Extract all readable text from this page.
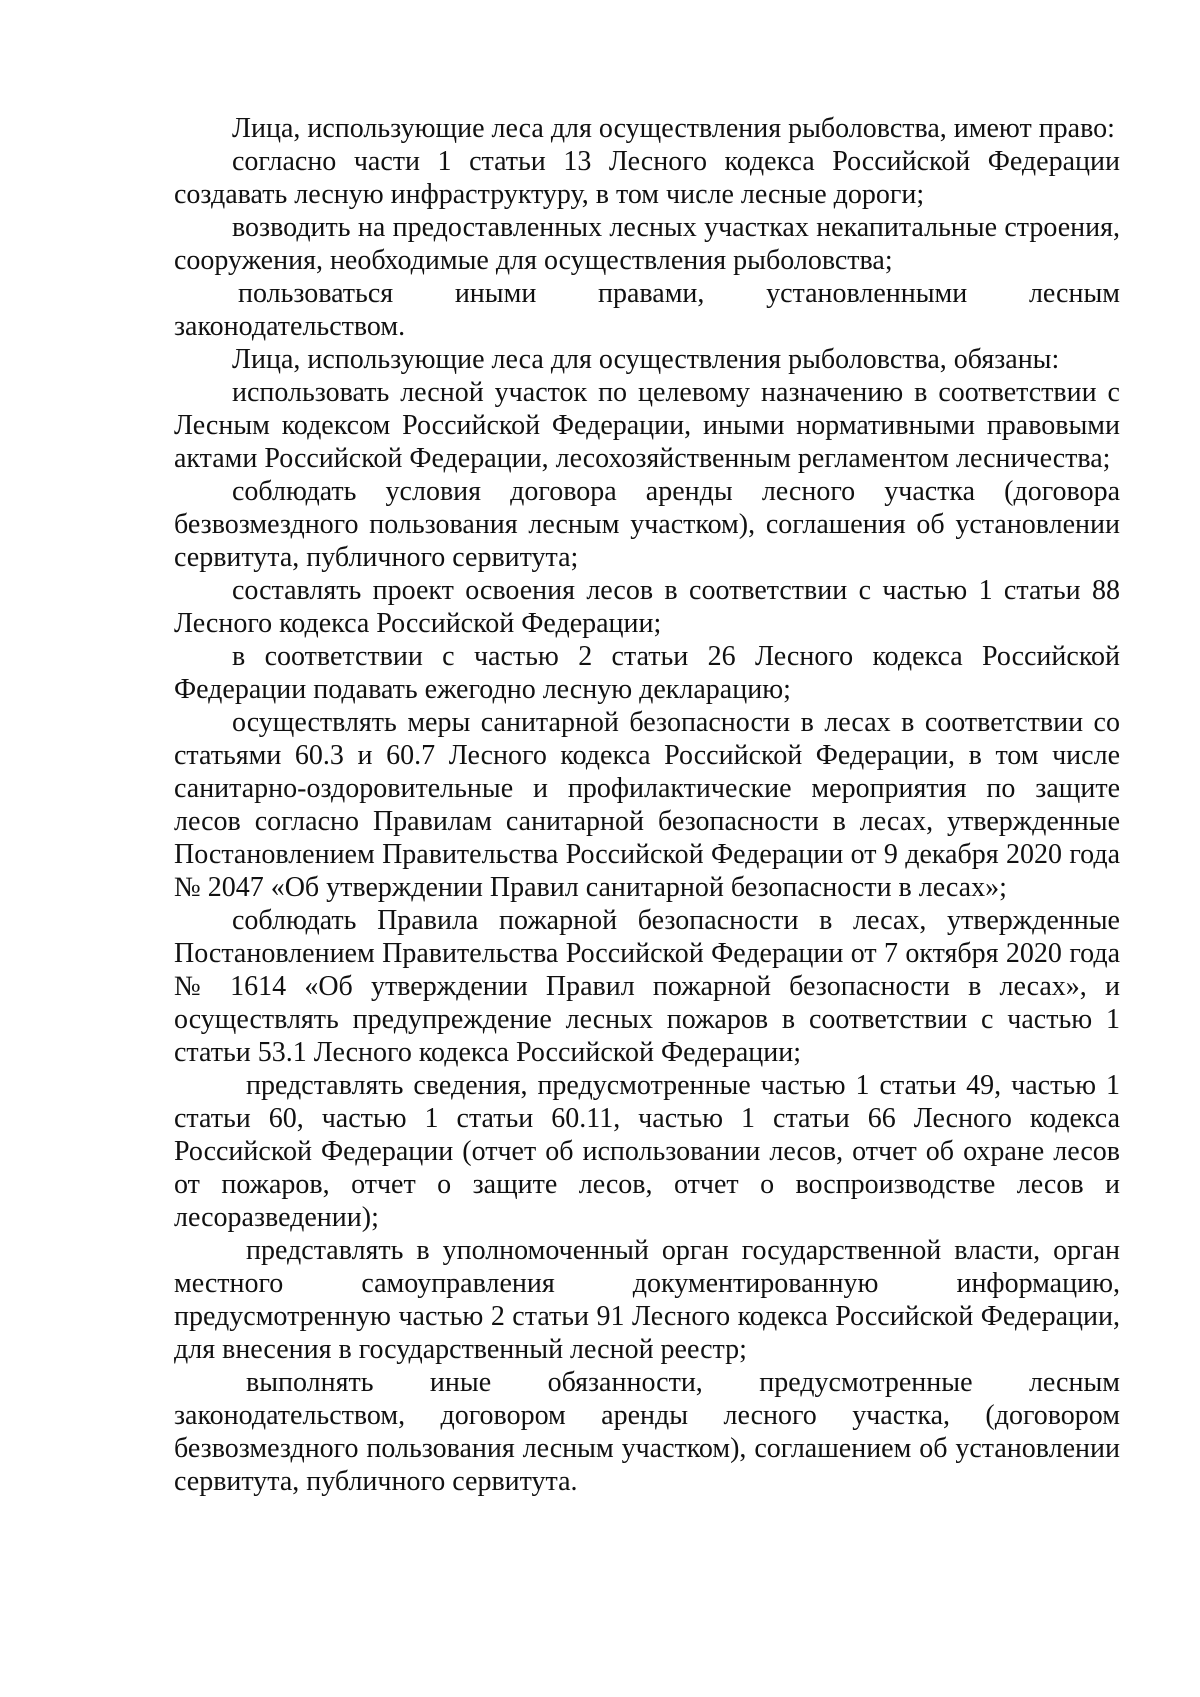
Лица, использующие леса для осуществления рыболовства, имеют право:

согласно части 1 статьи 13 Лесного кодекса Российской Федерации создавать лесную инфраструктуру, в том числе лесные дороги;

возводить на предоставленных лесных участках некапитальные строения, сооружения, необходимые для осуществления рыболовства;

пользоваться иными правами, установленными лесным законодательством.

Лица, использующие леса для осуществления рыболовства, обязаны:

использовать лесной участок по целевому назначению в соответствии с Лесным кодексом Российской Федерации, иными нормативными правовыми актами Российской Федерации, лесохозяйственным регламентом лесничества;

соблюдать условия договора аренды лесного участка (договора безвозмездного пользования лесным участком), соглашения об установлении сервитута, публичного сервитута;

составлять проект освоения лесов в соответствии с частью 1 статьи 88 Лесного кодекса Российской Федерации;

в соответствии с частью 2 статьи 26 Лесного кодекса Российской Федерации подавать ежегодно лесную декларацию;

осуществлять меры санитарной безопасности в лесах в соответствии со статьями 60.3 и 60.7 Лесного кодекса Российской Федерации, в том числе санитарно-оздоровительные и профилактические мероприятия по защите лесов согласно Правилам санитарной безопасности в лесах, утвержденные Постановлением Правительства Российской Федерации от 9 декабря 2020 года № 2047 «Об утверждении Правил санитарной безопасности в лесах»;

соблюдать Правила пожарной безопасности в лесах, утвержденные Постановлением Правительства Российской Федерации от 7 октября 2020 года № 1614 «Об утверждении Правил пожарной безопасности в лесах», и осуществлять предупреждение лесных пожаров в соответствии с частью 1 статьи 53.1 Лесного кодекса Российской Федерации;

представлять сведения, предусмотренные частью 1 статьи 49, частью 1 статьи 60, частью 1 статьи 60.11, частью 1 статьи 66 Лесного кодекса Российской Федерации (отчет об использовании лесов, отчет об охране лесов от пожаров, отчет о защите лесов, отчет о воспроизводстве лесов и лесоразведении);

представлять в уполномоченный орган государственной власти, орган местного самоуправления документированную информацию, предусмотренную частью 2 статьи 91 Лесного кодекса Российской Федерации, для внесения в государственный лесной реестр;

выполнять иные обязанности, предусмотренные лесным законодательством, договором аренды лесного участка, (договором безвозмездного пользования лесным участком), соглашением об установлении сервитута, публичного сервитута.
